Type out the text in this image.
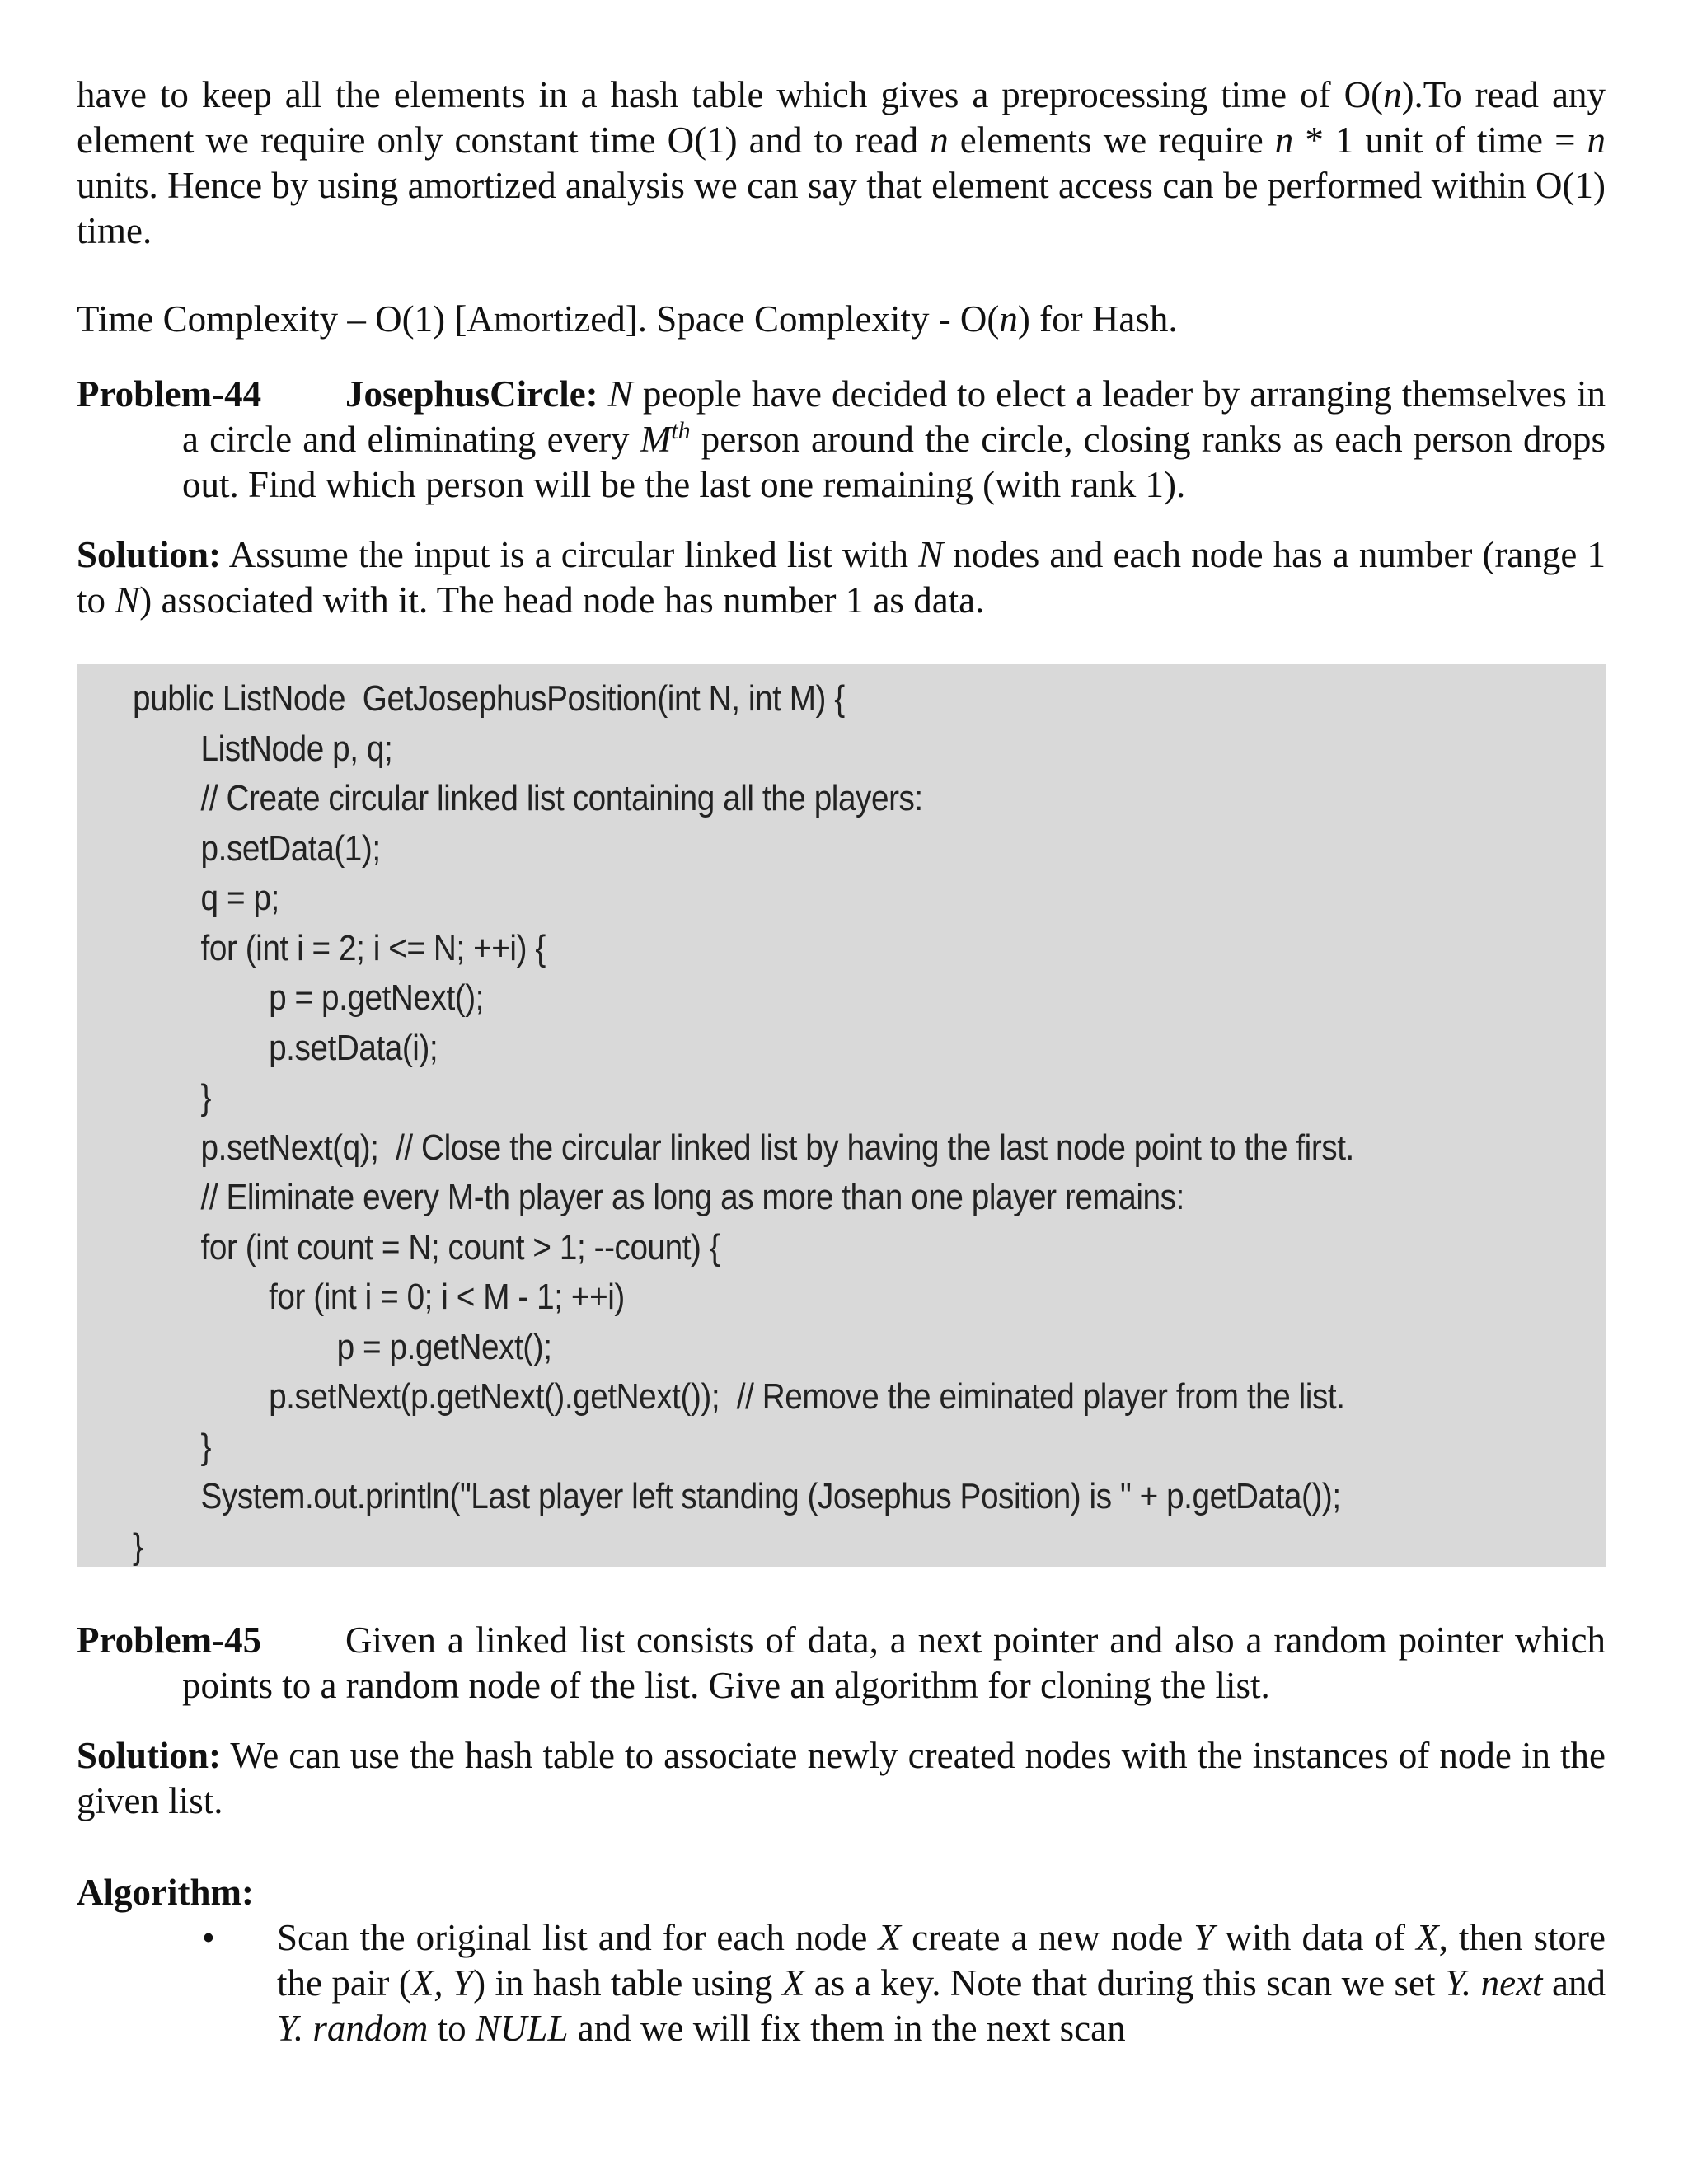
have to keep all the elements in a hash table which gives a preprocessing time of O(n).To read any element we require only constant time O(1) and to read n elements we require n * 1 unit of time = n units. Hence by using amortized analysis we can say that element access can be performed within O(1) time.

Time Complexity – O(1) [Amortized]. Space Complexity - O(n) for Hash.

Problem-44 JosephusCircle: N people have decided to elect a leader by arranging themselves in a circle and eliminating every Mth person around the circle, closing ranks as each person drops out. Find which person will be the last one remaining (with rank 1).

Solution: Assume the input is a circular linked list with N nodes and each node has a number (range 1 to N) associated with it. The head node has number 1 as data.

public ListNode  GetJosephusPosition(int N, int M) {
ListNode p, q;
// Create circular linked list containing all the players:
p.setData(1);
q = p;
for (int i = 2; i <= N; ++i) {
p = p.getNext();
p.setData(i);
}
p.setNext(q);  // Close the circular linked list by having the last node point to the first.
// Eliminate every M-th player as long as more than one player remains:
for (int count = N; count > 1; --count) {
for (int i = 0; i < M - 1; ++i)
p = p.getNext();
p.setNext(p.getNext().getNext());  // Remove the eiminated player from the list.
}
System.out.println("Last player left standing (Josephus Position) is " + p.getData());
}
Problem-45 Given a linked list consists of data, a next pointer and also a random pointer which points to a random node of the list. Give an algorithm for cloning the list.

Solution: We can use the hash table to associate newly created nodes with the instances of node in the given list.

Algorithm:

• Scan the original list and for each node X create a new node Y with data of X, then store the pair (X, Y) in hash table using X as a key. Note that during this scan we set Y. next and Y. random to NULL and we will fix them in the next scan
